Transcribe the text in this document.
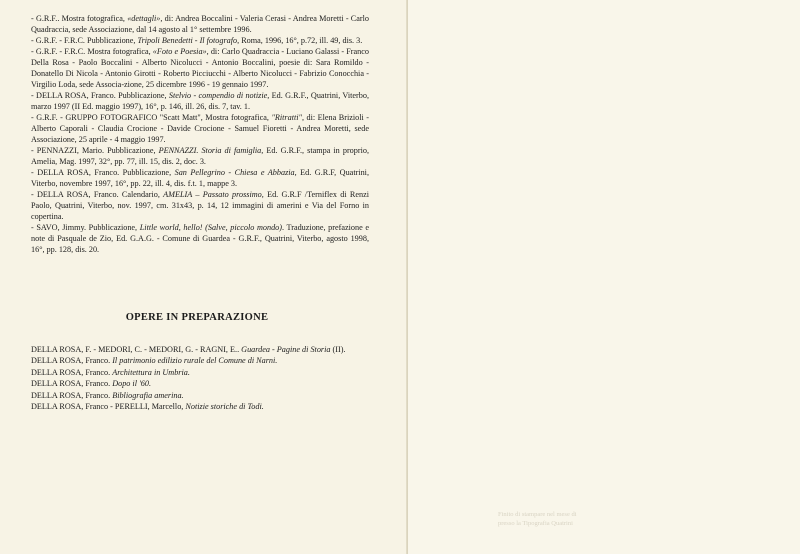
- G.R.F.. Mostra fotografica, «dettagli», di: Andrea Boccalini - Valeria Cerasi - Andrea Moretti - Carlo Quadraccia, sede Associazione, dal 14 agosto al 1° settembre 1996.

- G.R.F. - F.R.C. Pubblicazione, Tripoli Benedetti - Il fotografo, Roma, 1996, 16°, p.72, ill. 49, dis. 3.

- G.R.F. - F.R.C. Mostra fotografica, «Foto e Poesia», di: Carlo Quadraccia - Luciano Galassi - Franco Della Rosa - Paolo Boccalini - Alberto Nicolucci - Antonio Boccalini, poesie di: Sara Romildo - Donatello Di Nicola - Antonio Girotti - Roberto Picciucchi - Alberto Nicolucci - Fabrizio Conocchia - Virgilio Loda, sede Associa-zione, 25 dicembre 1996 - 19 gennaio 1997.

- DELLA ROSA, Franco. Pubblicazione, Stelvio - compendio di notizie, Ed. G.R.F., Quatrini, Viterbo, marzo 1997 (II Ed. maggio 1997), 16°, p. 146, ill. 26, dis. 7, tav. 1.

- G.R.F. - GRUPPO FOTOGRAFICO "Scatt Matt", Mostra fotografica, "Ritratti", di: Elena Brizioli - Alberto Caporali - Claudia Crocione - Davide Crocione - Samuel Fioretti - Andrea Moretti, sede Associazione, 25 aprile - 4 maggio 1997.

- PENNAZZI, Mario. Pubblicazione, PENNAZZI. Storia di famiglia, Ed. G.R.F., stampa in proprio, Amelia, Mag. 1997, 32°, pp. 77, ill. 15, dis. 2, doc. 3.

- DELLA ROSA, Franco. Pubblicazione, San Pellegrino - Chiesa e Abbazia, Ed. G.R.F, Quatrini, Viterbo, novembre 1997, 16°, pp. 22, ill. 4, dis. f.t. 1, mappe 3.

- DELLA ROSA, Franco. Calendario, AMELIA – Passato prossimo, Ed. G.R.F /Terniflex di Renzi Paolo, Quatrini, Viterbo, nov. 1997, cm. 31x43, p. 14, 12 immagini di amerini e Via del Forno in copertina.

- SAVO, Jimmy. Pubblicazione, Little world, hello! (Salve, piccolo mondo). Traduzione, prefazione e note di Pasquale de Zio, Ed. G.A.G. - Comune di Guardea - G.R.F., Quatrini, Viterbo, agosto 1998, 16°, pp. 128, dis. 20.

OPERE IN PREPARAZIONE

DELLA ROSA, F. - MEDORI, C. - MEDORI, G. - RAGNI, E.. Guardea - Pagine di Storia (II).

DELLA ROSA, Franco. Il patrimonio edilizio rurale del Comune di Narni.

DELLA ROSA, Franco. Architettura in Umbria.

DELLA ROSA, Franco. Dopo il '60.

DELLA ROSA, Franco. Bibliografia amerina.

DELLA ROSA, Franco - PERELLI, Marcello, Notizie storiche di Todi.

Finito di stampare nel mese di

presso la Tipografia Quatrini
